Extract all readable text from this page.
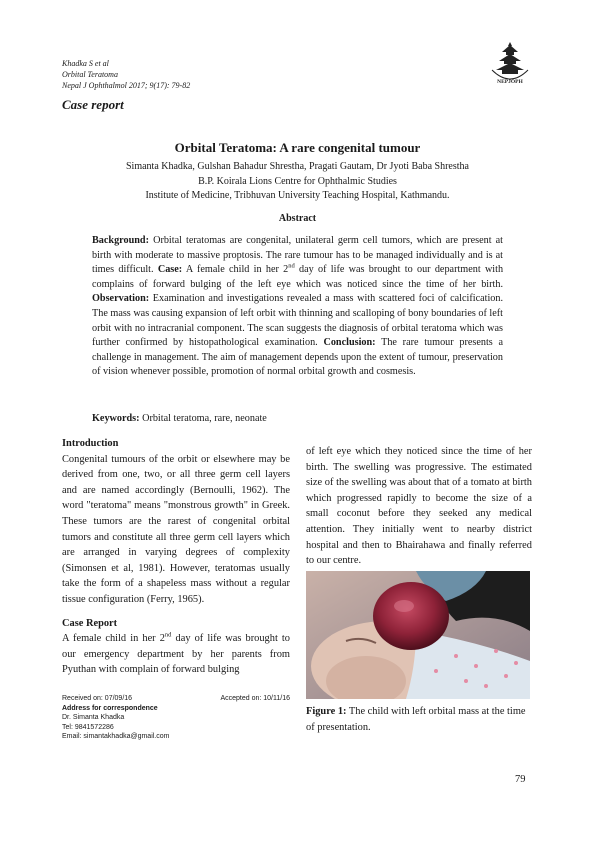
Khadka S et al
Orbital Teratoma
Nepal J Ophthalmol 2017; 9(17): 79-82	NEPJOPH
Case report
Orbital Teratoma: A rare congenital tumour
Simanta Khadka, Gulshan Bahadur Shrestha, Pragati Gautam, Dr Jyoti Baba Shrestha
B.P. Koirala Lions Centre for Ophthalmic Studies
Institute of Medicine, Tribhuvan University Teaching Hospital, Kathmandu.
Abstract
Background: Orbital teratomas are congenital, unilateral germ cell tumors, which are present at birth with moderate to massive proptosis. The rare tumour has to be managed individually and is at times difficult. Case: A female child in her 2nd day of life was brought to our department with complains of forward bulging of the left eye which was noticed since the time of her birth. Observation: Examination and investigations revealed a mass with scattered foci of calcification. The mass was causing expansion of left orbit with thinning and scalloping of bony boundaries of left orbit with no intracranial component. The scan suggests the diagnosis of orbital teratoma which was further confirmed by histopathological examination. Conclusion: The rare tumour presents a challenge in management. The aim of management depends upon the extent of tumour, preservation of vision whenever possible, promotion of normal orbital growth and cosmesis.
Keywords: Orbital teratoma, rare, neonate
Introduction
Congenital tumours of the orbit or elsewhere may be derived from one, two, or all three germ cell layers and are named accordingly (Bernoulli, 1962). The word "teratoma" means "monstrous growth" in Greek. These tumors are the rarest of congenital orbital tumors and constitute all three germ cell layers which are arranged in varying degrees of complexity (Simonsen et al, 1981). However, teratomas usually take the form of a shapeless mass without a regular tissue configuration (Ferry, 1965).
Case Report
A female child in her 2nd day of life was brought to our emergency department by her parents from Pyuthan with complain of forward bulging
Received on: 07/09/16	Accepted on: 10/11/16
Address for correspondence
Dr. Simanta Khadka
Tel: 9841572286
Email: simantakhadka@gmail.com
of left eye which they noticed since the time of her birth. The swelling was progressive. The estimated size of the swelling was about that of a tomato at birth which progressed rapidly to become the size of a small coconut before they seeked any medical attention. They initially went to nearby district hospital and then to Bhairahawa and finally referred to our centre.
Figure 1: The child with left orbital mass at the time of presentation.
79
